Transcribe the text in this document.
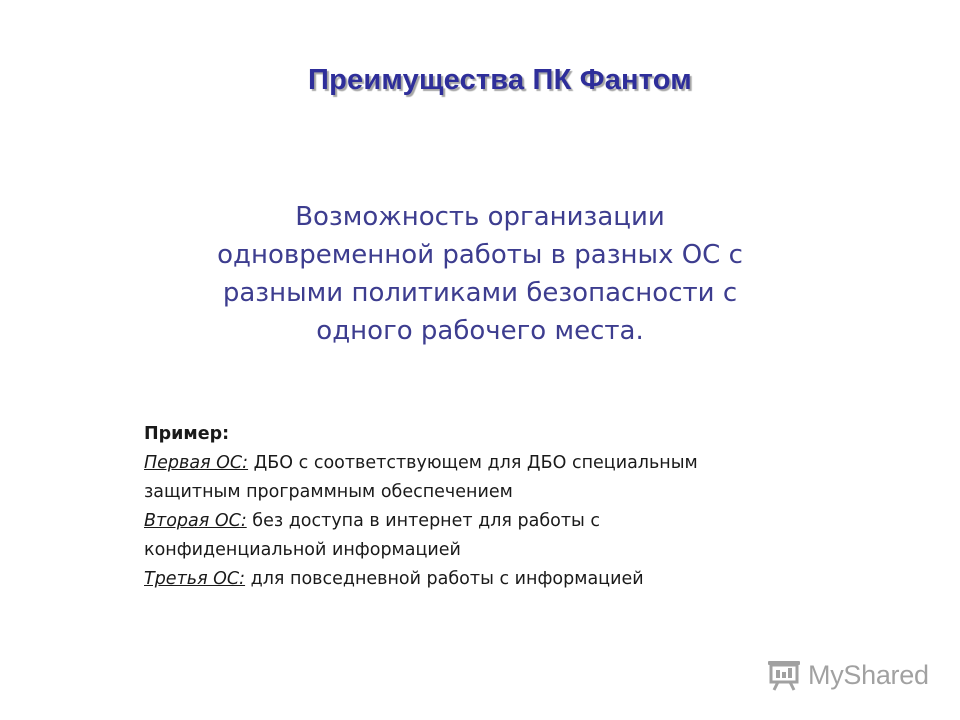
Преимущества ПК Фантом
Возможность организации
одновременной работы в разных ОС с
разными политиками безопасности с
одного рабочего места.
Пример:
Первая ОС: ДБО с соответствующем для ДБО специальным
защитным программным обеспечением
Вторая ОС: без доступа в интернет для работы с
конфиденциальной информацией
Третья ОС: для повседневной работы с информацией
MyShared
